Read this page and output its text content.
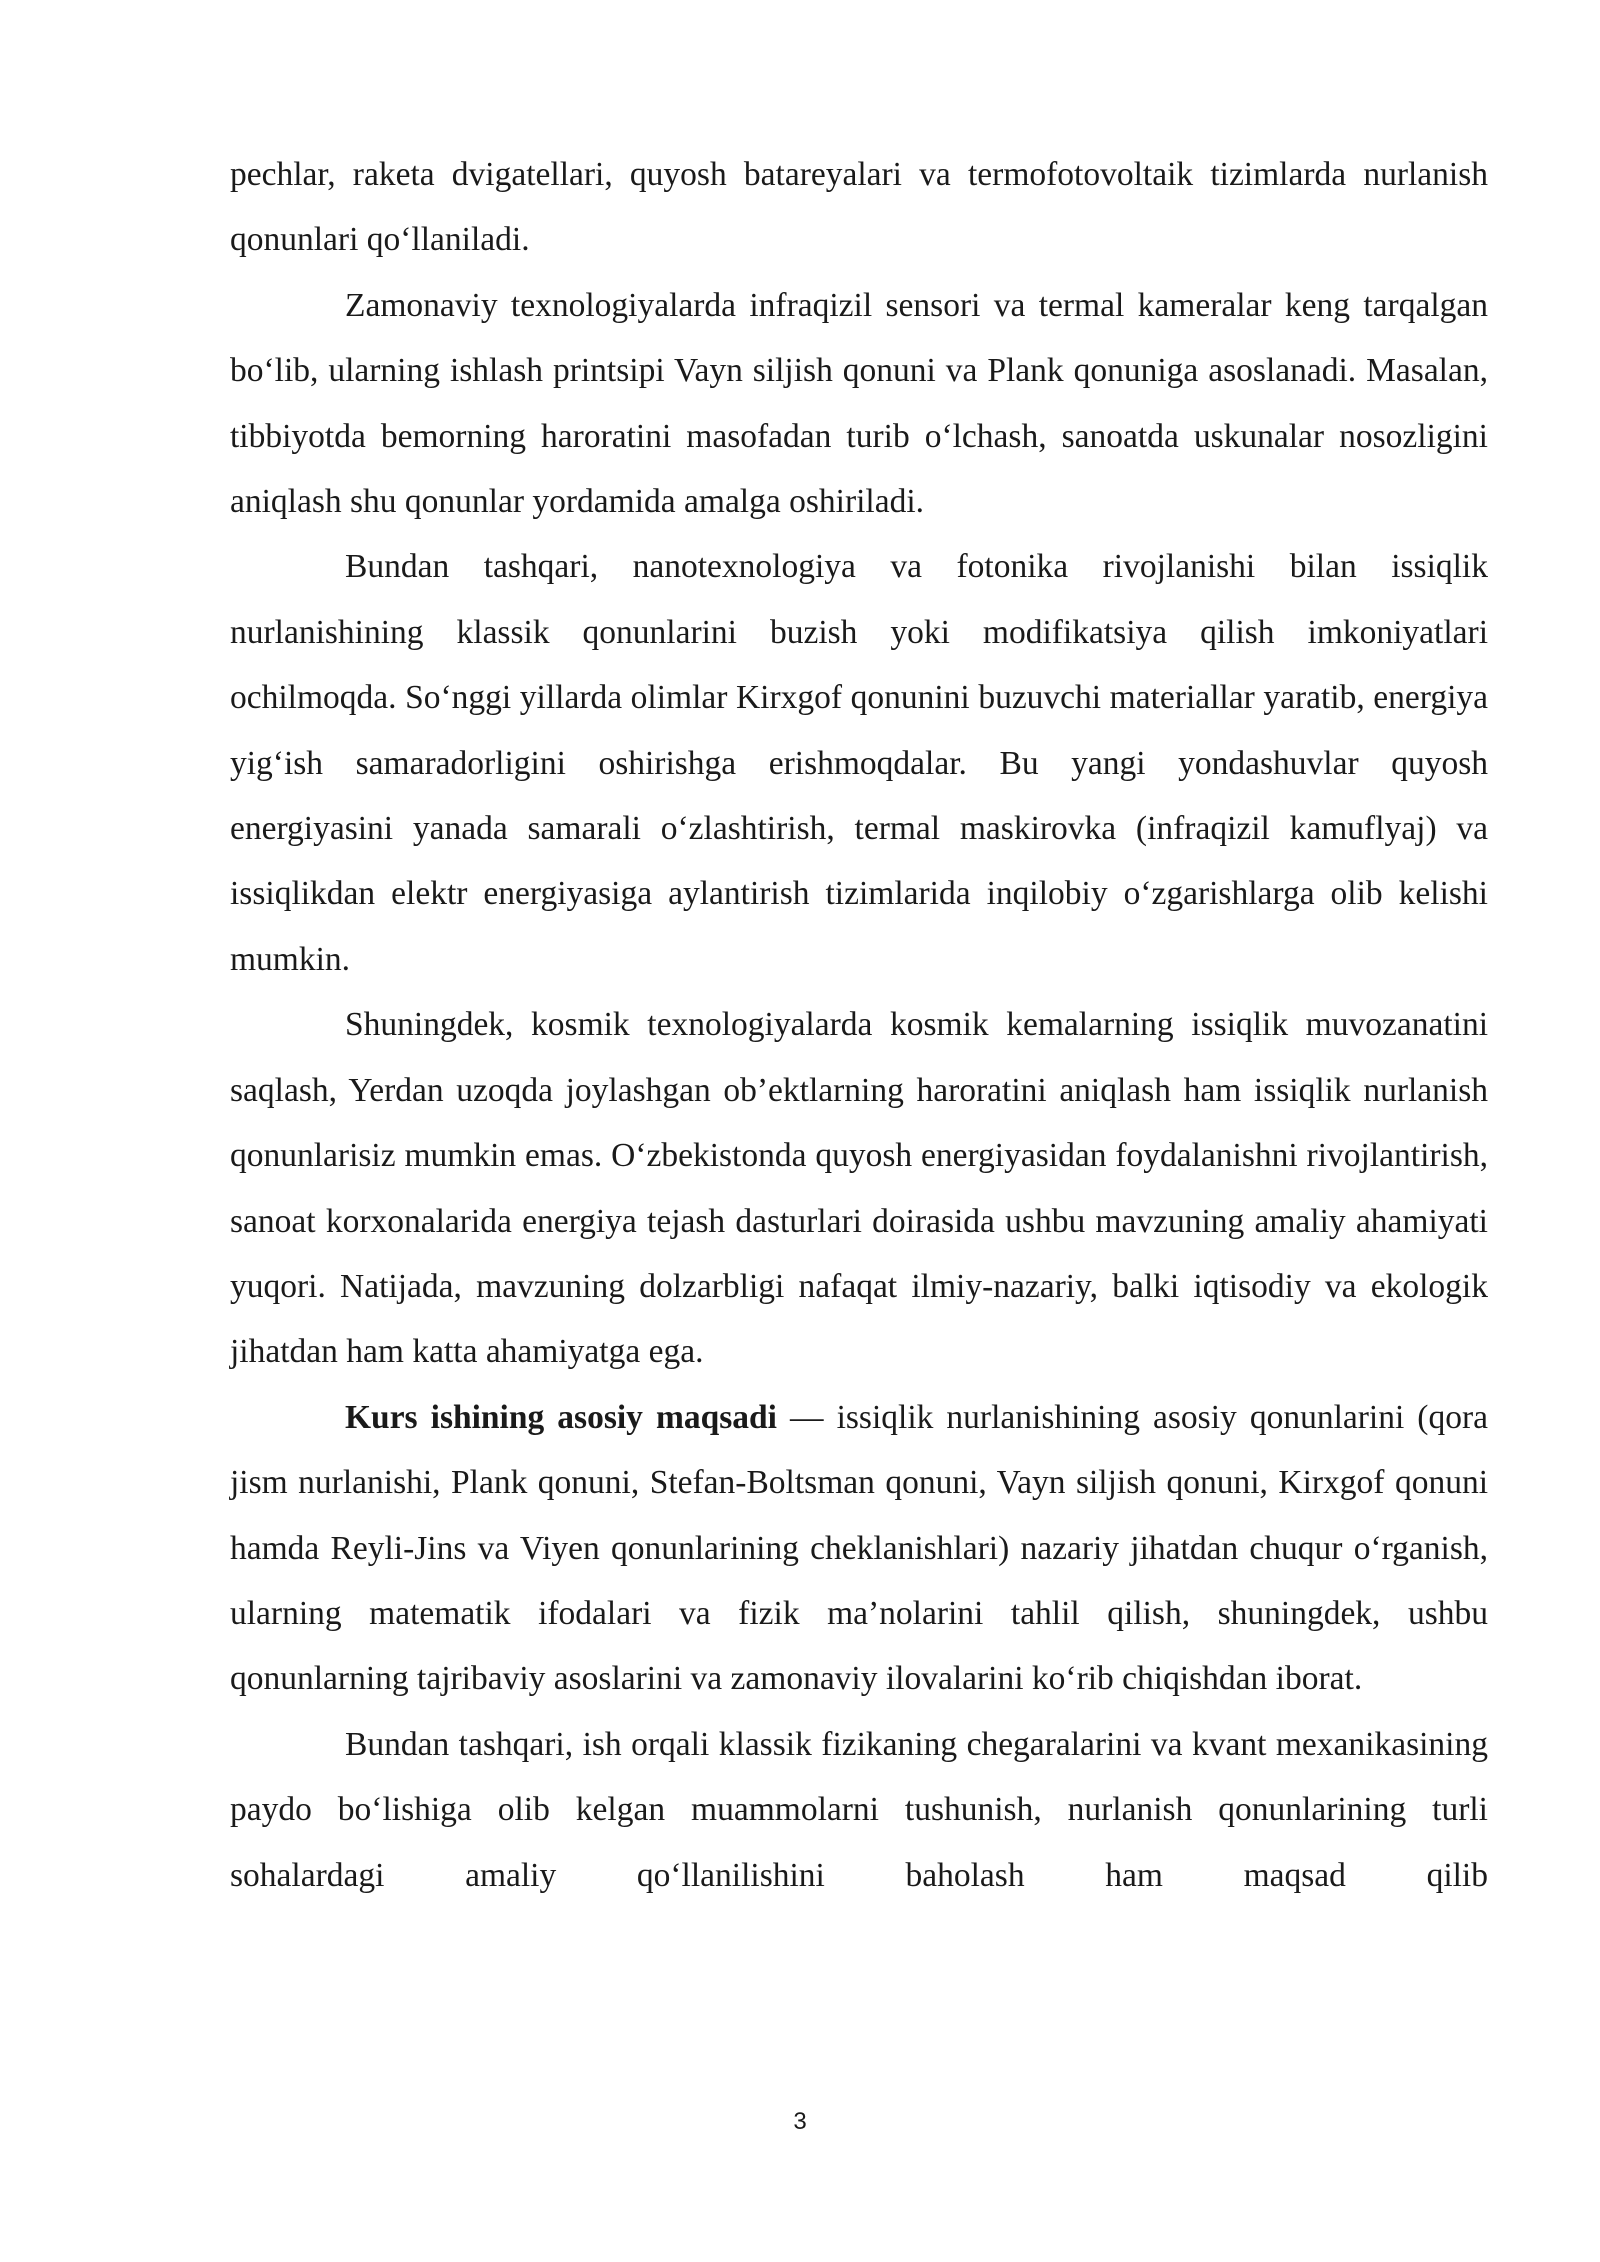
pechlar, raketa dvigatellari, quyosh batareyalari va termofotovoltaik tizimlarda nurlanish qonunlari qo‘llaniladi.

Zamonaviy texnologiyalarda infraqizil sensori va termal kameralar keng tarqalgan bo‘lib, ularning ishlash printsipi Vayn siljish qonuni va Plank qonuniga asoslanadi. Masalan, tibbiyotda bemorning haroratini masofadan turib o‘lchash, sanoatda uskunalar nosozligini aniqlash shu qonunlar yordamida amalga oshiriladi.

Bundan tashqari, nanotexnologiya va fotonika rivojlanishi bilan issiqlik nurlanishining klassik qonunlarini buzish yoki modifikatsiya qilish imkoniyatlari ochilmoqda. So‘nggi yillarda olimlar Kirxgof qonunini buzuvchi materiallar yaratib, energiya yig‘ish samaradorligini oshirishga erishmoqdalar. Bu yangi yondashuvlar quyosh energiyasini yanada samarali o‘zlashtirish, termal maskirovka (infraqizil kamuflyaj) va issiqlikdan elektr energiyasiga aylantirish tizimlarida inqilobiy o‘zgarishlarga olib kelishi mumkin.

Shuningdek, kosmik texnologiyalarda kosmik kemalarning issiqlik muvozanatini saqlash, Yerdan uzoqda joylashgan ob’ektlarning haroratini aniqlash ham issiqlik nurlanish qonunlarisiz mumkin emas. O‘zbekistonda quyosh energiyasidan foydalanishni rivojlantirish, sanoat korxonalarida energiya tejash dasturlari doirasida ushbu mavzuning amaliy ahamiyati yuqori. Natijada, mavzuning dolzarbligi nafaqat ilmiy-nazariy, balki iqtisodiy va ekologik jihatdan ham katta ahamiyatga ega.

Kurs ishining asosiy maqsadi — issiqlik nurlanishining asosiy qonunlarini (qora jism nurlanishi, Plank qonuni, Stefan-Boltsman qonuni, Vayn siljish qonuni, Kirxgof qonuni hamda Reyli-Jins va Viyen qonunlarining cheklanishlari) nazariy jihatdan chuqur o‘rganish, ularning matematik ifodalari va fizik ma’nolarini tahlil qilish, shuningdek, ushbu qonunlarning tajribaviy asoslarini va zamonaviy ilovalarini ko‘rib chiqishdan iborat.

Bundan tashqari, ish orqali klassik fizikaning chegaralarini va kvant mexanikasining paydo bo‘lishiga olib kelgan muammolarni tushunish, nurlanish qonunlarining turli sohalardagi amaliy qo‘llanilishini baholash ham maqsad qilib

3
